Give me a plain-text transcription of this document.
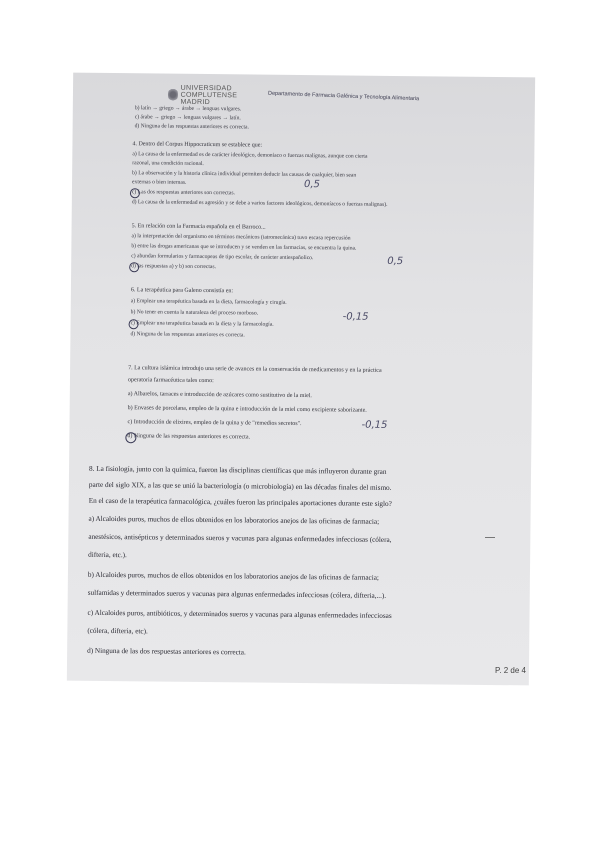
UNIVERSIDAD COMPLUTENSE MADRID	Departamento de Farmacia Galénica y Tecnología Alimentaria
b) latín → griego → árabe → lenguas vulgares.
c) árabe → griego → lenguas vulgares → latín.
d) Ninguna de las respuestas anteriores es correcta.
4. Dentro del Corpus Hippocraticum se establece que:
a) La causa de la enfermedad es de carácter ideológico, demoníaco o fuerzas malignas, aunque con cierta
razonal, una condición racional.
b) La observación y la historia clínica individual permiten deducir las causas de cualquier, bien sean
externas o bien internas.
c) Las dos respuestas anteriores son correctas.
d) La causa de la enfermedad es agresión y se debe a varios factores ideológicos, demoníacos o fuerzas malignas).
0,5
5. En relación con la Farmacia española en el Barroco...
a) la interpretación del organismo en términos mecánicos (iatromecánica) tuvo escasa repercusión
b) entre las drogas americanas que se introducen y se venden en las farmacias, se encuentra la quina.
c) abundan formularios y farmacopeas de tipo escolar, de carácter antiespañolico.
d) las respuestas a) y b) son correctas.	0,5
6. La terapéutica para Galeno consistía en:
a) Emplear una terapéutica basada en la dieta, farmacología y cirugía.
b) No tener en cuenta la naturaleza del proceso morboso.
c) Emplear una terapéutica basada en la dieta y la farmacología.
d) Ninguna de las respuestas anteriores es correcta.
-0,15
7. La cultura islámica introdujo una serie de avances en la conservación de medicamentos y en la práctica
operatoria farmacéutica tales como:
a) Albarelos, tarraces e introducción de azúcares como sustitutivo de la miel.
b) Envases de porcelana, empleo de la quina e introducción de la miel como excipiente saborizante.
c) Introducción de elixires, empleo de la quina y de "remedios secretos".
d) Ninguna de las respuestas anteriores es correcta.
-0,15
8. La fisiología, junto con la química, fueron las disciplinas científicas que más influyeron durante gran
parte del siglo XIX, a las que se unió la bacteriología (o microbiología) en las décadas finales del mismo.
En el caso de la terapéutica farmacológica, ¿cuáles fueron las principales aportaciones durante este siglo?
a) Alcaloides puros, muchos de ellos obtenidos en los laboratorios anejos de las oficinas de farmacia;
anestésicos, antisépticos y determinados sueros y vacunas para algunas enfermedades infecciosas (cólera,
difteria, etc.).
b) Alcaloides puros, muchos de ellos obtenidos en los laboratorios anejos de las oficinas de farmacia;
sulfamidas y determinados sueros y vacunas para algunas enfermedades infecciosas (cólera, difteria,...).
c) Alcaloides puros, antibióticos, y determinados sueros y vacunas para algunas enfermedades infecciosas
(cólera, difteria, etc).
d) Ninguna de las dos respuestas anteriores es correcta.
P. 2 de 4
